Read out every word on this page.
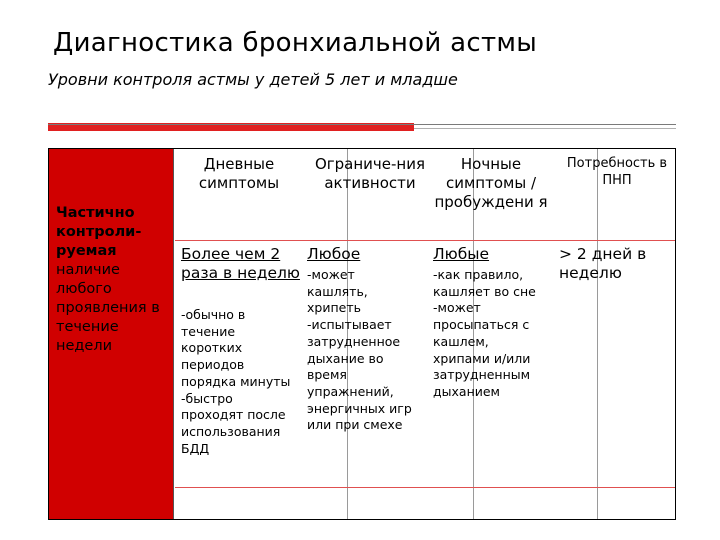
Диагностика бронхиальной астмы
Уровни контроля астмы у детей 5 лет и младше
Частично контроли-руемая
наличие любого проявления в течение недели
Дневные симптомы
Более чем 2 раза в неделю
-обычно в течение коротких периодов порядка минуты -быстро проходят после использования БДД
Ограниче-ния активности
Любое
-может кашлять, хрипеть -испытывает затрудненное дыхание во время упражнений, энергичных игр или при смехе
Ночные симптомы / пробуждени я
Любые
-как правило, кашляет во сне -может просыпаться с кашлем, хрипами и/или затрудненным дыханием
Потребность в ПНП
> 2 дней в неделю
